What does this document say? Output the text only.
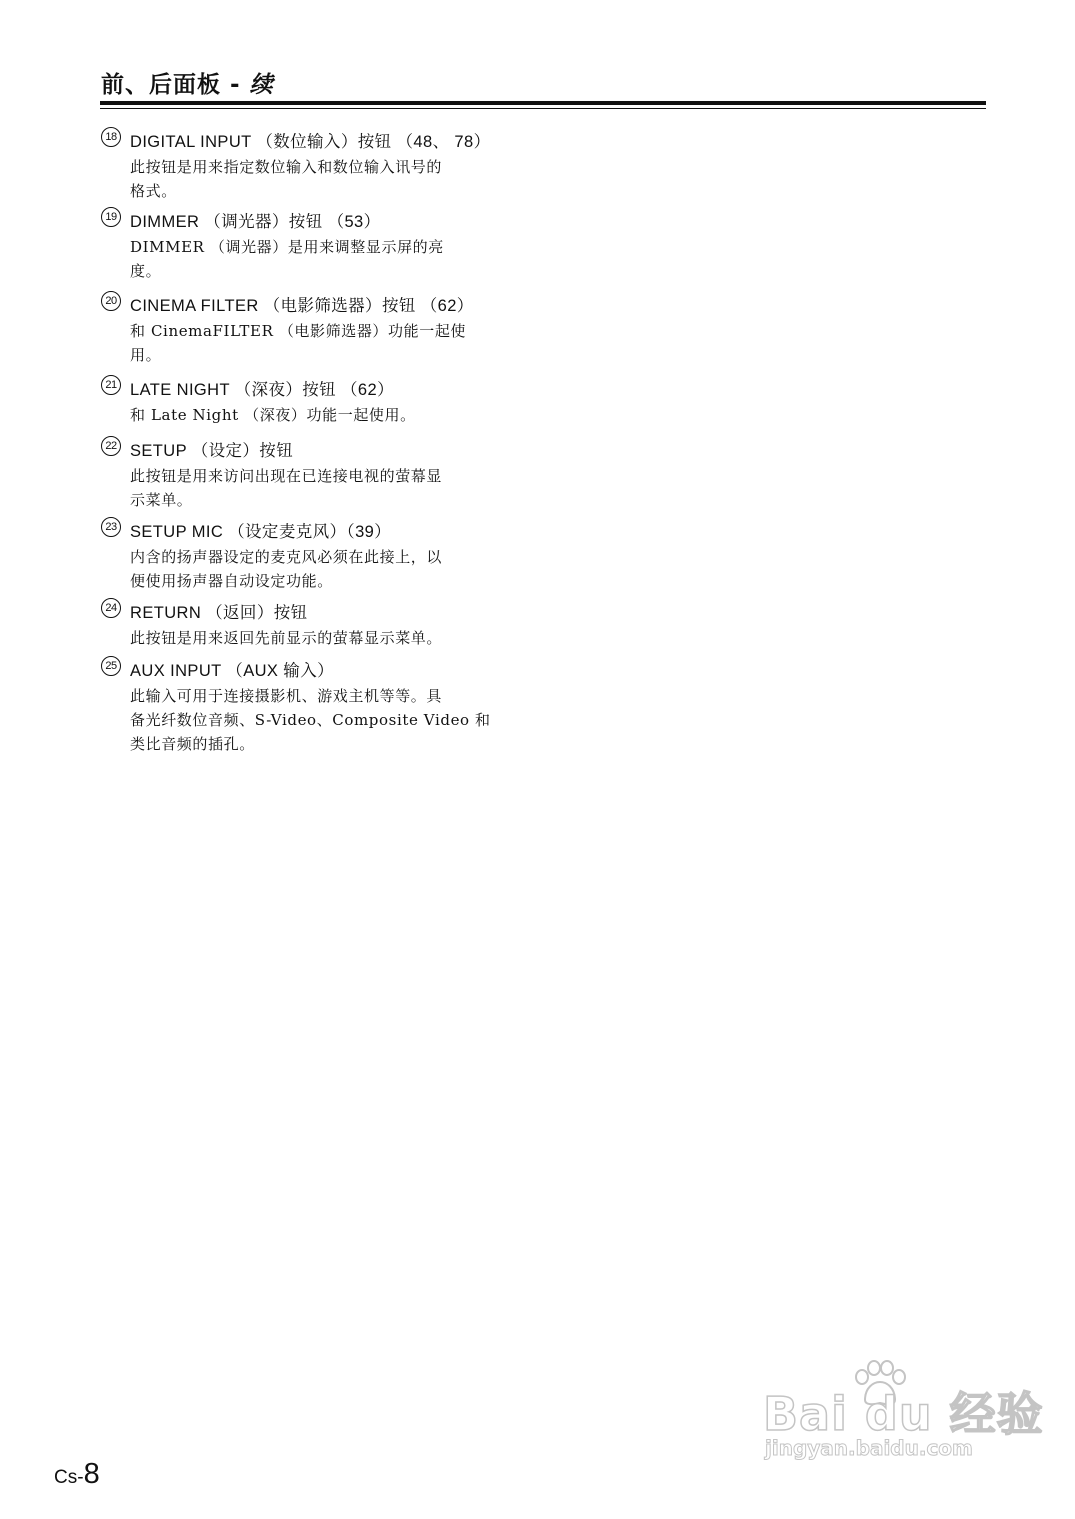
前、后面板 - 续
18 DIGITAL INPUT （数位输入）按钮 （48、 78）
此按钮是用来指定数位输入和数位输入讯号的
格式。
19 DIMMER （调光器）按钮 （53）
DIMMER （调光器）是用来调整显示屏的亮
度。
20 CINEMA FILTER （电影筛选器）按钮 （62）
和 CinemaFILTER （电影筛选器）功能一起使
用。
21 LATE NIGHT （深夜）按钮 （62）
和 Late Night （深夜）功能一起使用。
22 SETUP （设定）按钮
此按钮是用来访问出现在已连接电视的萤幕显
示菜单。
23 SETUP MIC （设定麦克风）（39）
内含的扬声器设定的麦克风必须在此接上，以
便使用扬声器自动设定功能。
24 RETURN （返回）按钮
此按钮是用来返回先前显示的萤幕显示菜单。
25 AUX INPUT （AUX 输入）
此输入可用于连接摄影机、游戏主机等等。具
备光纤数位音频、S-Video、Composite Video 和
类比音频的插孔。
Cs-8
Bai du 经验
jingyan.baidu.com
